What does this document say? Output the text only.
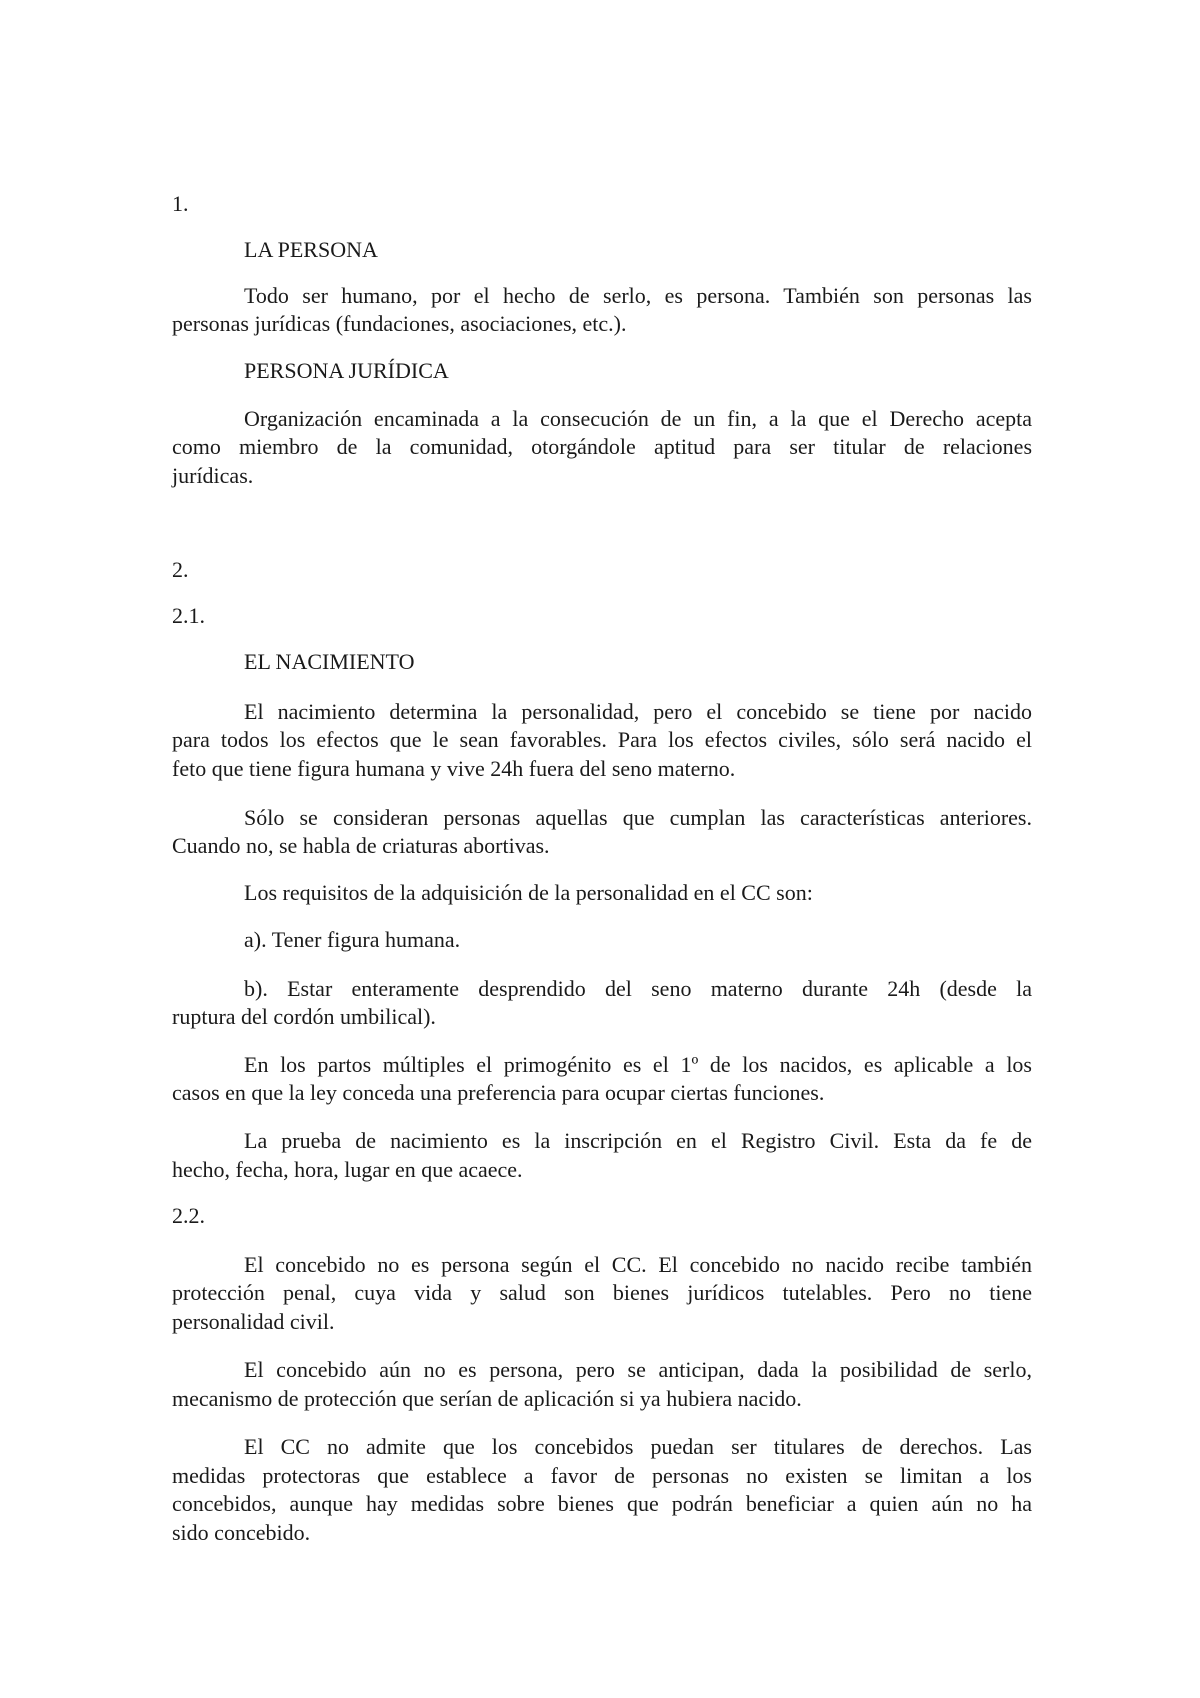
1.
LA PERSONA
Todo ser humano, por el hecho de serlo, es persona. También son personas las
personas jurídicas (fundaciones, asociaciones, etc.).
PERSONA JURÍDICA
Organización encaminada a la consecución de un fin, a la que el Derecho acepta
como miembro de la comunidad, otorgándole aptitud para ser titular de relaciones
jurídicas.
2.
2.1.
EL NACIMIENTO
El nacimiento determina la personalidad, pero el concebido se tiene por nacido
para todos los efectos que le sean favorables. Para los efectos civiles, sólo será nacido el
feto que tiene figura humana y vive 24h fuera del seno materno.
Sólo se consideran personas aquellas que cumplan las características anteriores.
Cuando no, se habla de criaturas abortivas.
Los requisitos de la adquisición de la personalidad en el CC son:
a). Tener figura humana.
b). Estar enteramente desprendido del seno materno durante 24h (desde la
ruptura del cordón umbilical).
En los partos múltiples el primogénito es el 1º de los nacidos, es aplicable a los
casos en que la ley conceda una preferencia para ocupar ciertas funciones.
La prueba de nacimiento es la inscripción en el Registro Civil. Esta da fe de
hecho, fecha, hora, lugar en que acaece.
2.2.
El concebido no es persona según el CC. El concebido no nacido recibe también
protección penal, cuya vida y salud son bienes jurídicos tutelables. Pero no tiene
personalidad civil.
El concebido aún no es persona, pero se anticipan, dada la posibilidad de serlo,
mecanismo de protección que serían de aplicación si ya hubiera nacido.
El CC no admite que los concebidos puedan ser titulares de derechos. Las
medidas protectoras que establece a favor de personas no existen se limitan a los
concebidos, aunque hay medidas sobre bienes que podrán beneficiar a quien aún no ha
sido concebido.
